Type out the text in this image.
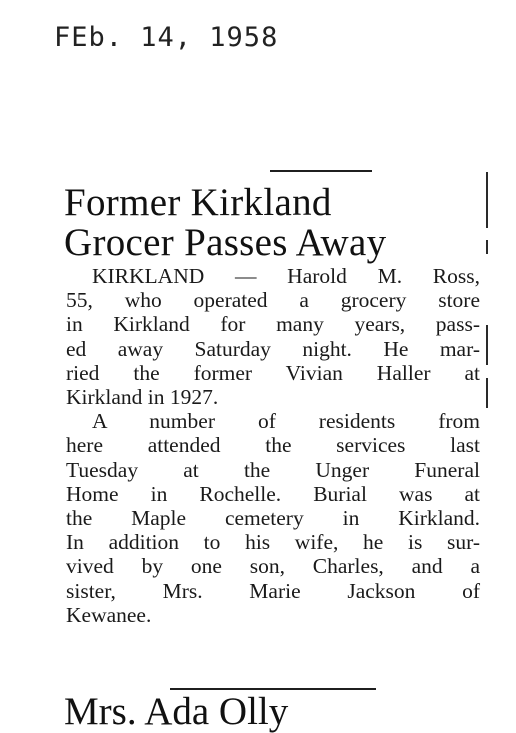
FEb. 14, 1958
Former Kirkland
Grocer Passes Away
KIRKLAND — Harold M. Ross,
55, who operated a grocery store
in Kirkland for many years, pass-
ed away Saturday night. He mar-
ried the former Vivian Haller at
Kirkland in 1927.
A number of residents from
here attended the services last
Tuesday at the Unger Funeral
Home in Rochelle. Burial was at
the Maple cemetery in Kirkland.
In addition to his wife, he is sur-
vived by one son, Charles, and a
sister, Mrs. Marie Jackson of
Kewanee.
Mrs. Ada Olly
